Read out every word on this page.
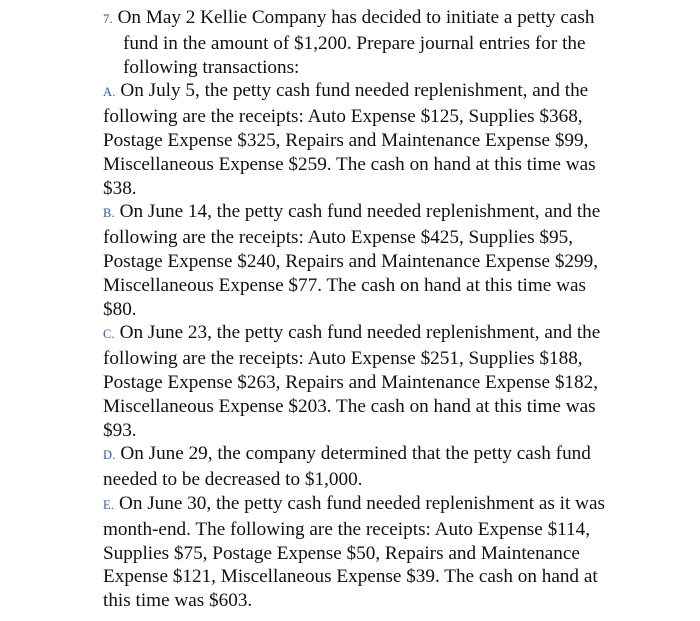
7. On May 2 Kellie Company has decided to initiate a petty cash fund in the amount of $1,200. Prepare journal entries for the following transactions:

A. On July 5, the petty cash fund needed replenishment, and the following are the receipts: Auto Expense $125, Supplies $368, Postage Expense $325, Repairs and Maintenance Expense $99, Miscellaneous Expense $259. The cash on hand at this time was $38.

B. On June 14, the petty cash fund needed replenishment, and the following are the receipts: Auto Expense $425, Supplies $95, Postage Expense $240, Repairs and Maintenance Expense $299, Miscellaneous Expense $77. The cash on hand at this time was $80.

C. On June 23, the petty cash fund needed replenishment, and the following are the receipts: Auto Expense $251, Supplies $188, Postage Expense $263, Repairs and Maintenance Expense $182, Miscellaneous Expense $203. The cash on hand at this time was $93.

D. On June 29, the company determined that the petty cash fund needed to be decreased to $1,000.

E. On June 30, the petty cash fund needed replenishment as it was month-end. The following are the receipts: Auto Expense $114, Supplies $75, Postage Expense $50, Repairs and Maintenance Expense $121, Miscellaneous Expense $39. The cash on hand at this time was $603.
